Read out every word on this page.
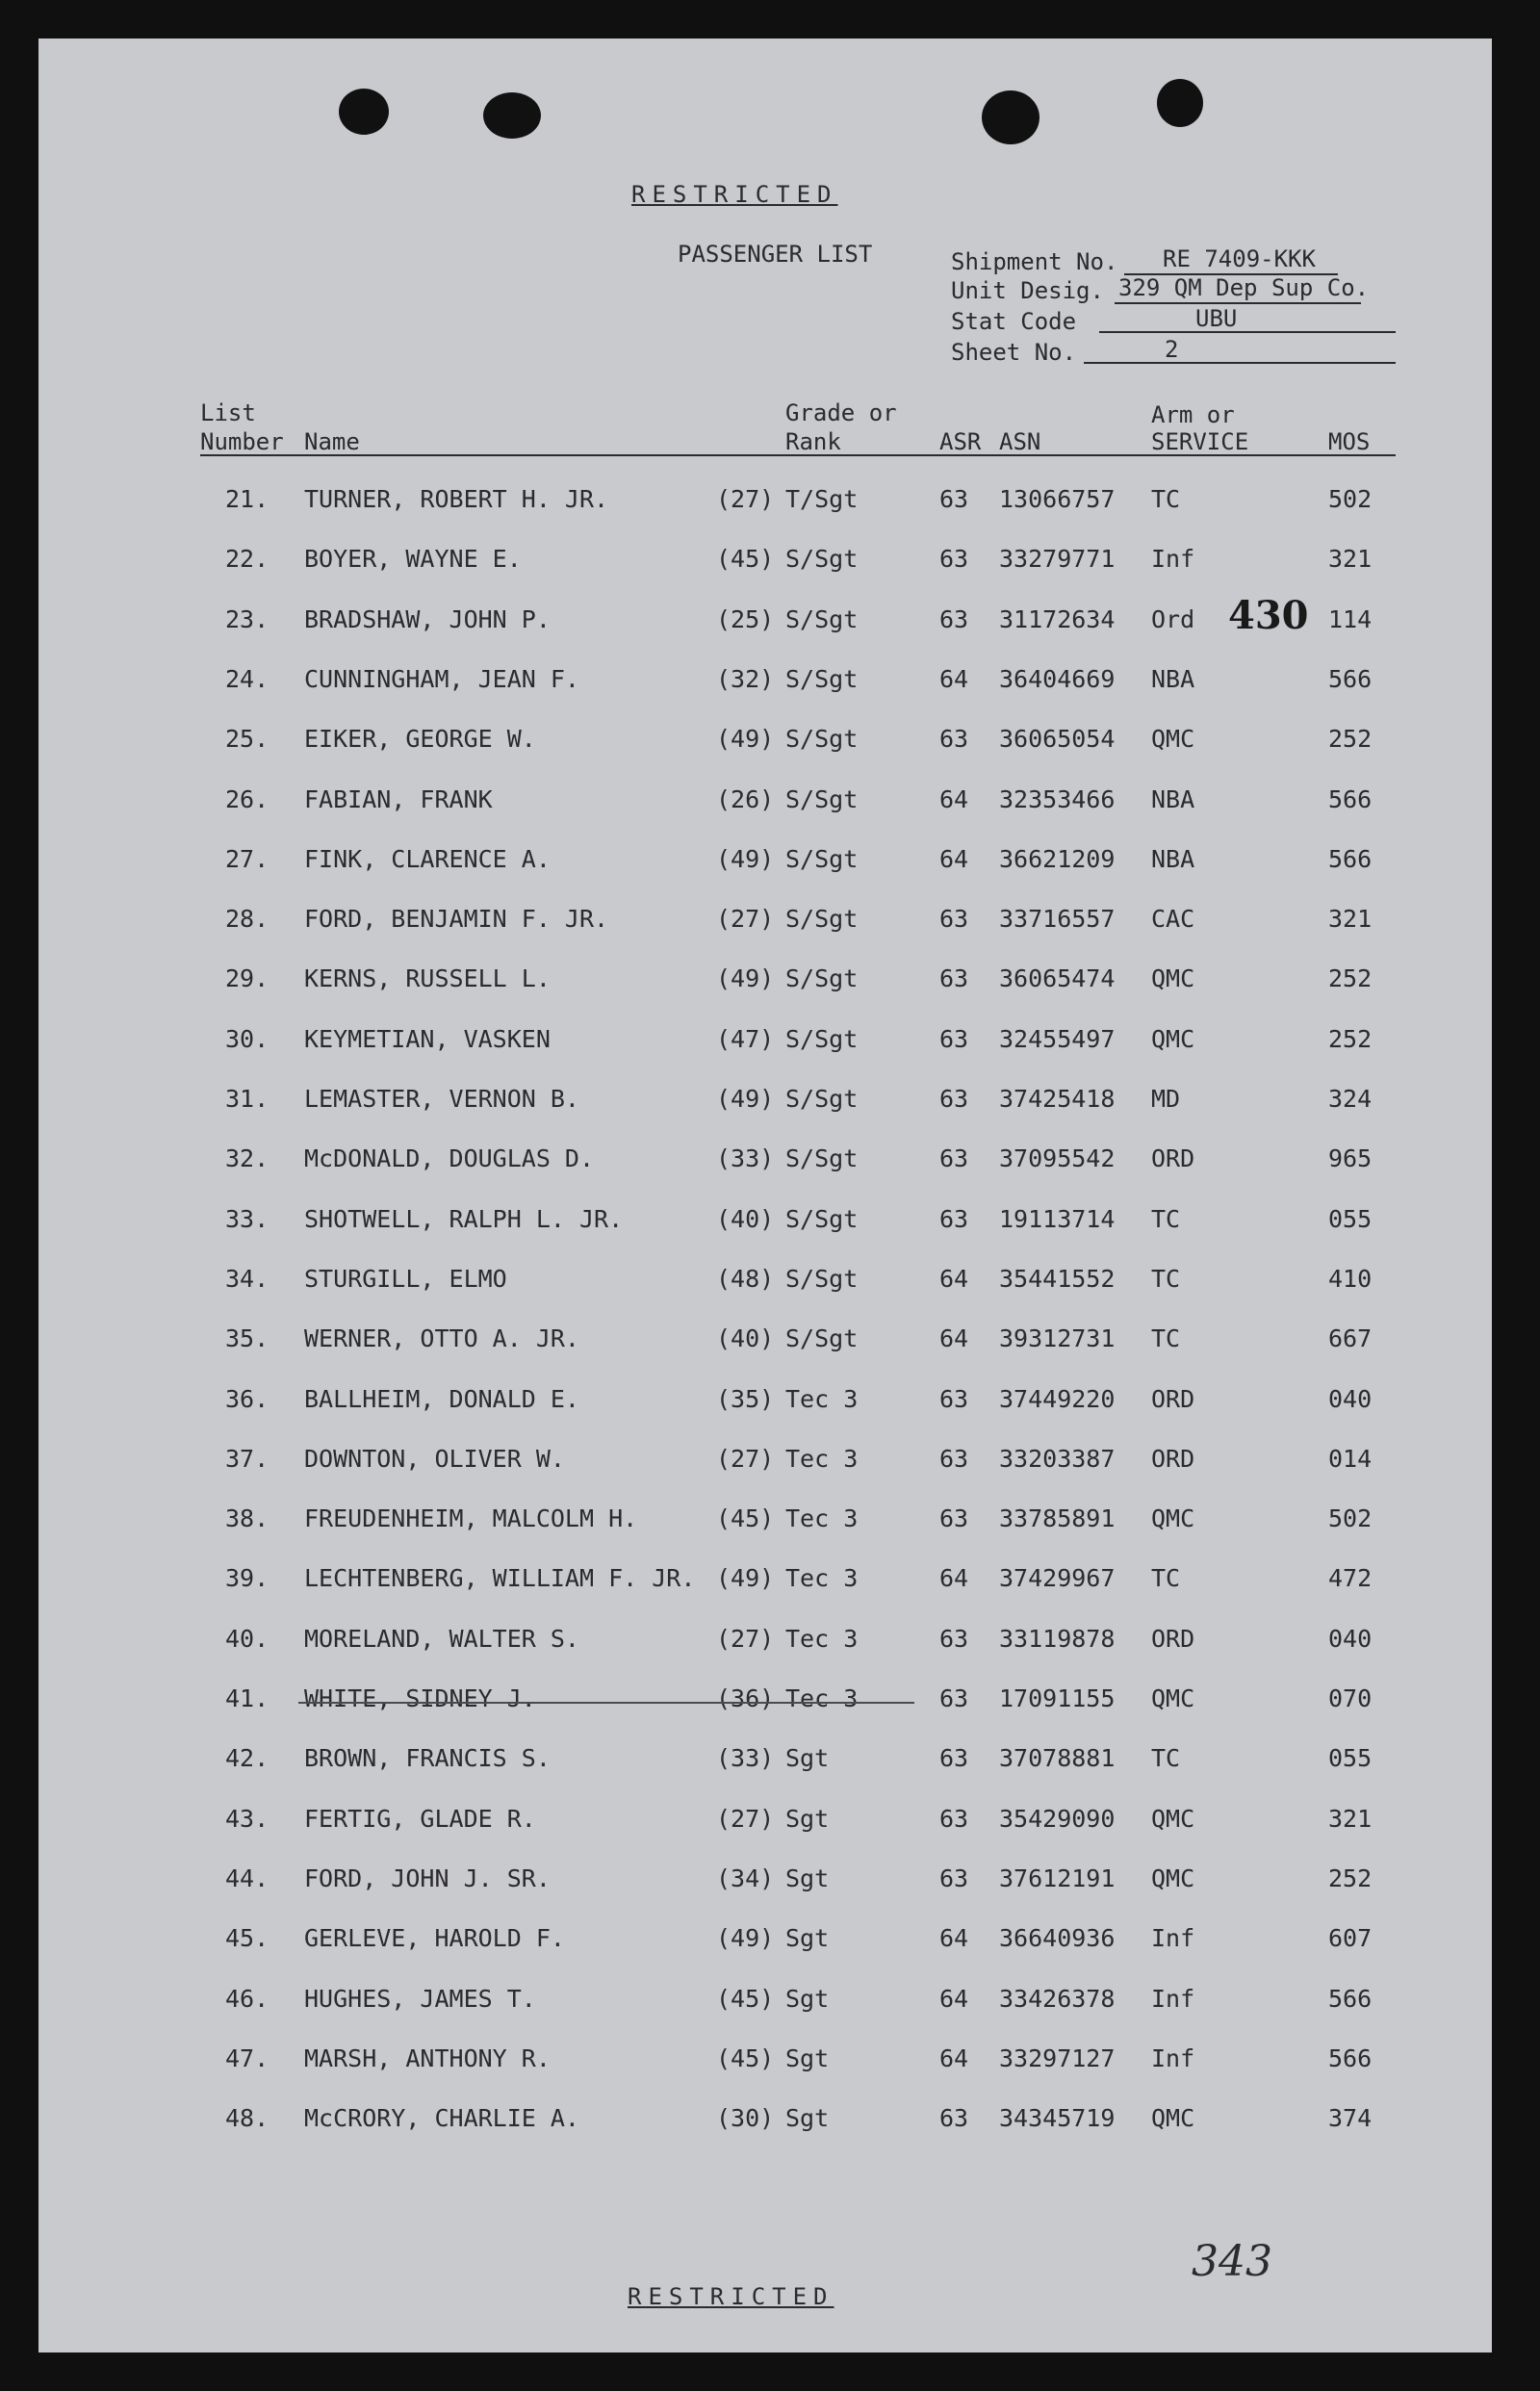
RESTRICTED
PASSENGER LIST	Shipment No.	RE 7409-KKK
Unit Desig. 329 QM Dep Sup Co.
Stat Code	UBU
Sheet No.	2
List
Number Name
Grade or
Rank	ASR ASN
Arm or
SERVICE	MOS
21. TURNER, ROBERT H. JR.	(27) T/Sgt	63 13066757 TC	502
22. BOYER, WAYNE E.	(45) S/Sgt	63 33279771 Inf	321
23. BRADSHAW, JOHN P.	(25) S/Sgt	63 31172634 Ord	114
24. CUNNINGHAM, JEAN F.	(32) S/Sgt	64 36404669 NBA	566
25. EIKER, GEORGE W.	(49) S/Sgt	63 36065054 QMC	252
26. FABIAN, FRANK	(26) S/Sgt	64 32353466 NBA	566
27. FINK, CLARENCE A.	(49) S/Sgt	64 36621209 NBA	566
28. FORD, BENJAMIN F. JR.	(27) S/Sgt	63 33716557 CAC	321
29. KERNS, RUSSELL L.	(49) S/Sgt	63 36065474 QMC	252
30. KEYMETIAN, VASKEN	(47) S/Sgt	63 32455497 QMC	252
31. LEMASTER, VERNON B.	(49) S/Sgt	63 37425418 MD	324
32. McDONALD, DOUGLAS D.	(33) S/Sgt	63 37095542 ORD	965
33. SHOTWELL, RALPH L. JR.	(40) S/Sgt	63 19113714 TC	055
34. STURGILL, ELMO	(48) S/Sgt	64 35441552 TC	410
35. WERNER, OTTO A. JR.	(40) S/Sgt	64 39312731 TC	667
36. BALLHEIM, DONALD E.	(35) Tec 3	63 37449220 ORD	040
37. DOWNTON, OLIVER W.	(27) Tec 3	63 33203387 ORD	014
38. FREUDENHEIM, MALCOLM H.	(45) Tec 3	63 33785891 QMC	502
39. LECHTENBERG, WILLIAM F. JR. (49) Tec 3	64 37429967 TC	472
40. MORELAND, WALTER S.	(27) Tec 3	63 33119878 ORD	040
41. WHITE, SIDNEY J.	(36) Tec 3	63 17091155 QMC	070
42. BROWN, FRANCIS S.	(33) Sgt	63 37078881 TC	055
43. FERTIG, GLADE R.	(27) Sgt	63 35429090 QMC	321
44. FORD, JOHN J. SR.	(34) Sgt	63 37612191 QMC	252
45. GERLEVE, HAROLD F.	(49) Sgt	64 36640936 Inf	607
46. HUGHES, JAMES T.	(45) Sgt	64 33426378 Inf	566
47. MARSH, ANTHONY R.	(45) Sgt	64 33297127 Inf	566
48. McCRORY, CHARLIE A.	(30) Sgt	63 34345719 QMC	374
430
343
RESTRICTED
